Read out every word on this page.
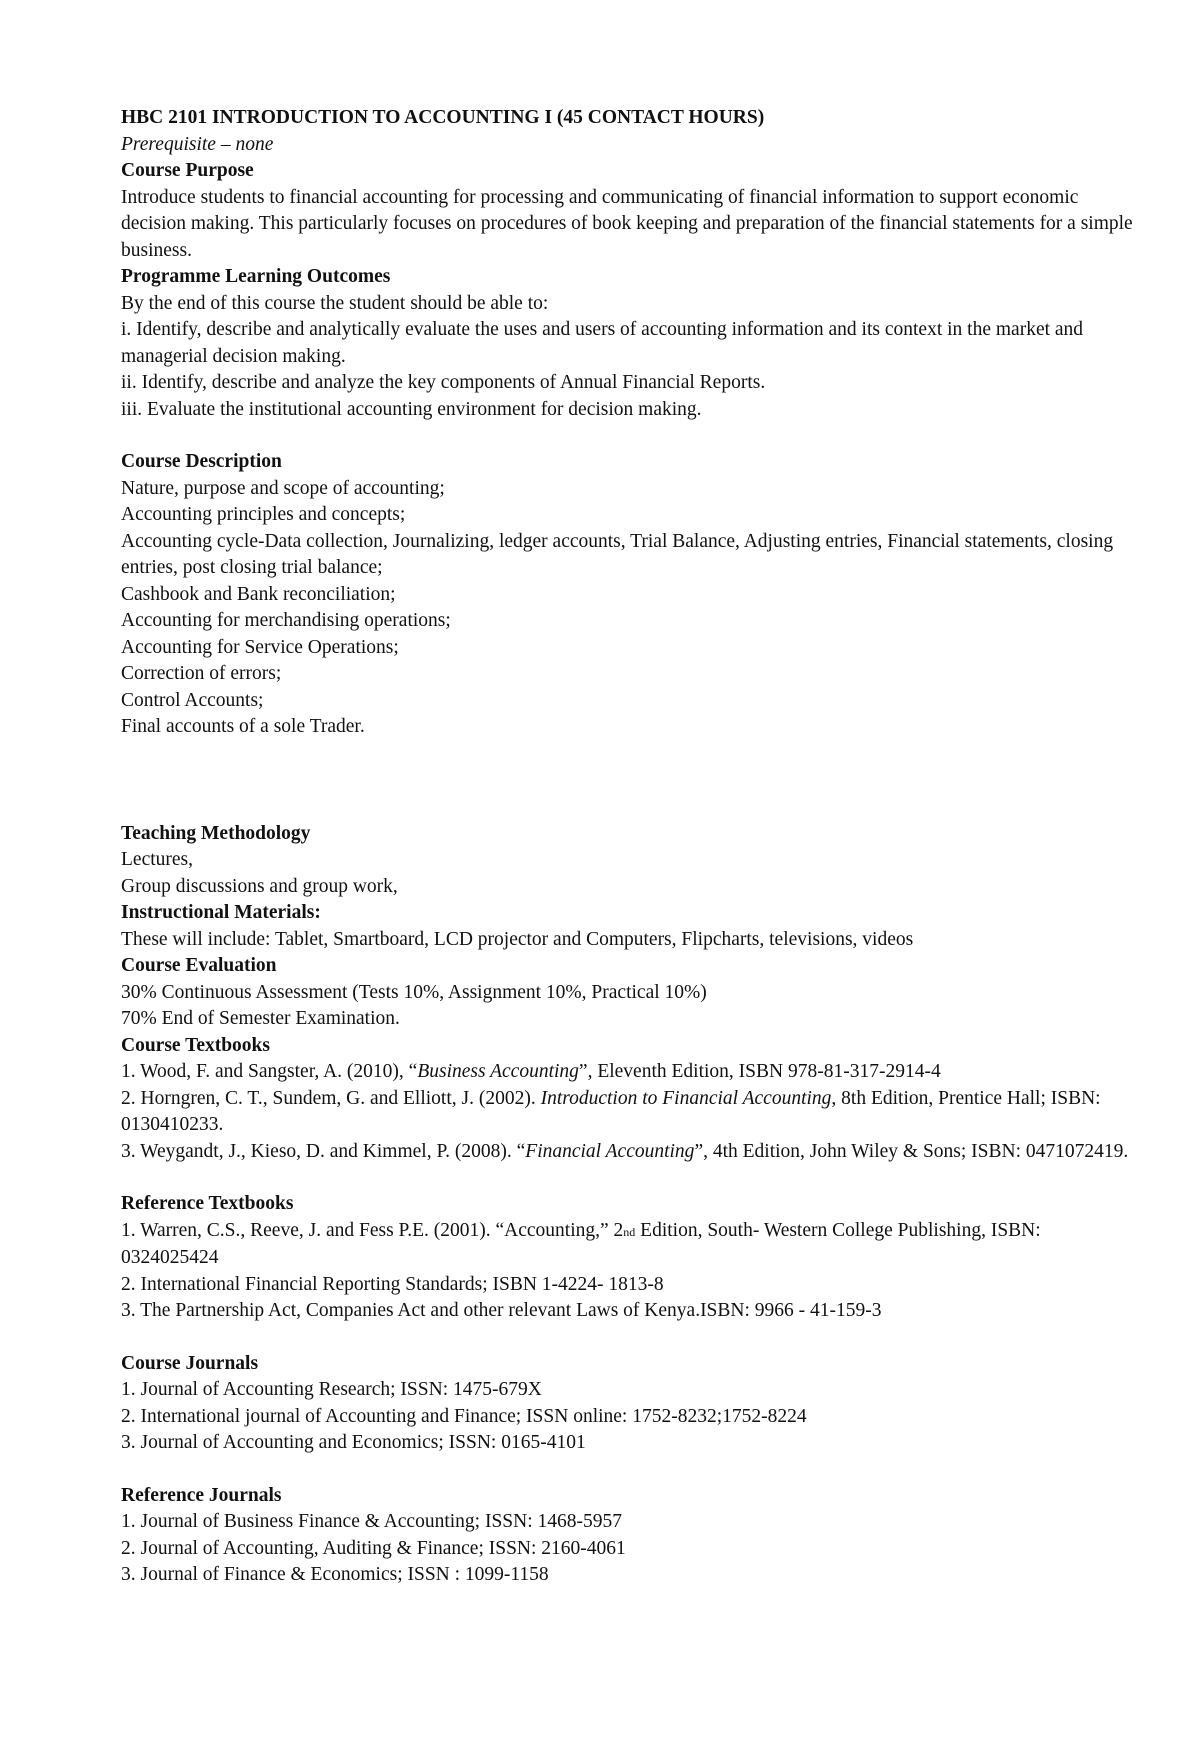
HBC 2101 INTRODUCTION TO ACCOUNTING I (45 CONTACT HOURS)
Prerequisite – none
Course Purpose
Introduce students to financial accounting for processing and communicating of financial information to support economic decision making. This particularly focuses on procedures of book keeping and preparation of the financial statements for a simple business.
Programme Learning Outcomes
By the end of this course the student should be able to:
i. Identify, describe and analytically evaluate the uses and users of accounting information and its context in the market and managerial decision making.
ii. Identify, describe and analyze the key components of Annual Financial Reports.
iii. Evaluate the institutional accounting environment for decision making.
Course Description
Nature, purpose and scope of accounting;
Accounting principles and concepts;
Accounting cycle-Data collection, Journalizing, ledger accounts, Trial Balance, Adjusting entries, Financial statements, closing entries, post closing trial balance;
Cashbook and Bank reconciliation;
Accounting for merchandising operations;
Accounting for Service Operations;
Correction of errors;
Control Accounts;
Final accounts of a sole Trader.
Teaching Methodology
Lectures,
Group discussions and group work,
Instructional Materials:
These will include: Tablet, Smartboard, LCD projector and Computers, Flipcharts, televisions, videos
Course Evaluation
30% Continuous Assessment (Tests 10%, Assignment 10%, Practical 10%)
70% End of Semester Examination.
Course Textbooks
1. Wood, F. and Sangster, A. (2010), “Business Accounting”, Eleventh Edition, ISBN 978-81-317-2914-4
2. Horngren, C. T., Sundem, G. and Elliott, J. (2002). Introduction to Financial Accounting, 8th Edition, Prentice Hall; ISBN: 0130410233.
3. Weygandt, J., Kieso, D. and Kimmel, P. (2008). “Financial Accounting”, 4th Edition, John Wiley & Sons; ISBN: 0471072419.
Reference Textbooks
1. Warren, C.S., Reeve, J. and Fess P.E. (2001). “Accounting,” 2nd Edition, South- Western College Publishing, ISBN: 0324025424
2. International Financial Reporting Standards; ISBN 1-4224- 1813-8
3. The Partnership Act, Companies Act and other relevant Laws of Kenya.ISBN: 9966 - 41-159-3
Course Journals
1. Journal of Accounting Research; ISSN: 1475-679X
2. International journal of Accounting and Finance; ISSN online: 1752-8232;1752-8224
3. Journal of Accounting and Economics; ISSN: 0165-4101
Reference Journals
1. Journal of Business Finance & Accounting; ISSN: 1468-5957
2. Journal of Accounting, Auditing & Finance; ISSN: 2160-4061
3. Journal of Finance & Economics; ISSN : 1099-1158
